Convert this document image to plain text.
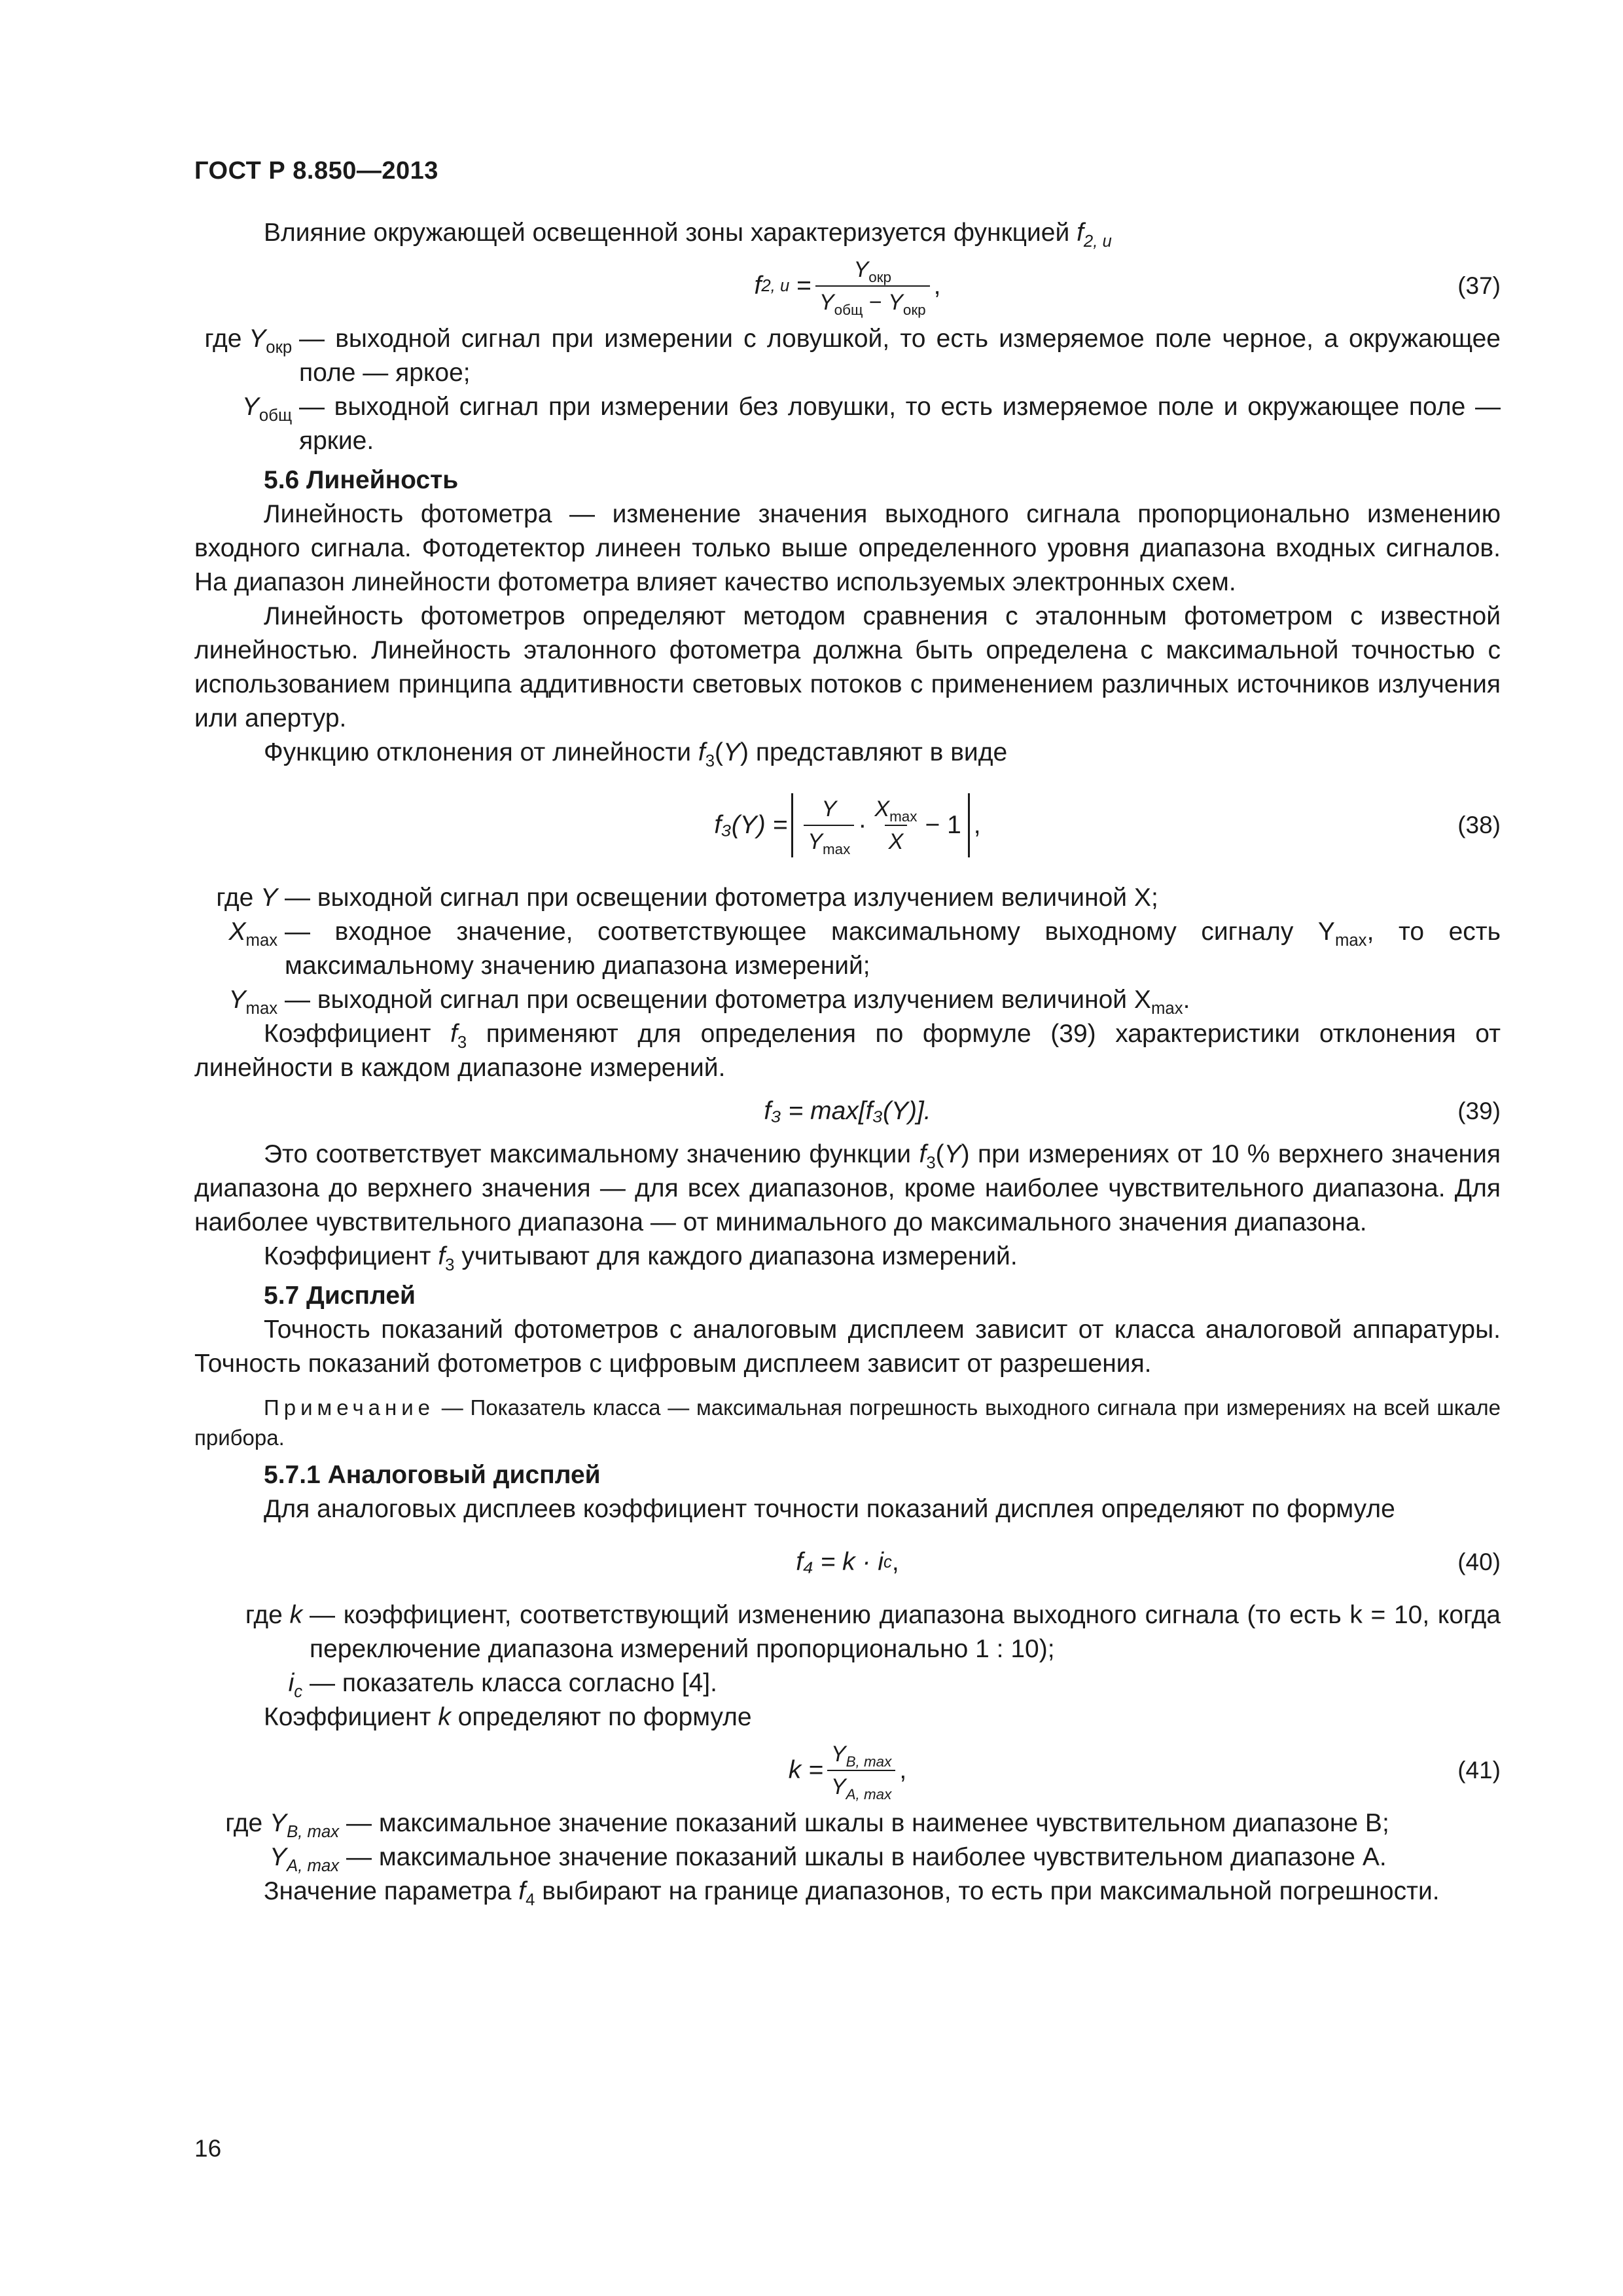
ГОСТ Р 8.850—2013

Влияние окружающей освещенной зоны характеризуется функцией $f_{2, u}$

f 2, $u = \frac{Y_{окр}}{Y_{общ} - Y_{окр}}$ ,	(37)
где $Y_{окр}$ — выходной сигнал при измерении с ловушкой, то есть измеряемое поле черное, а окружающее поле — яркое;
$Y_{общ}$ — выходной сигнал при измерении без ловушки, то есть измеряемое поле и окружающее поле — яркие.

5.6 Линейность

Линейность фотометра — изменение значения выходного сигнала пропорционально изменению входного сигнала. Фотодетектор линеен только выше определенного уровня диапазона входных сигналов. На диапазон линейности фотометра влияет качество используемых электронных схем.

Линейность фотометров определяют методом сравнения с эталонным фотометром с известной линейностью. Линейность эталонного фотометра должна быть определена с максимальной точностью с использованием принципа аддитивности световых потоков с применением различных источников излучения или апертур.

Функцию отклонения от линейности $f_3(Y)$ представляют в виде

$f_3(Y) = \frac{Y}{Y_{max}} \cdot \frac{X_{max}}{X} - 1$ ,	(38)
где Y — выходной сигнал при освещении фотометра излучением величиной X;
$X_{max}$ — входное значение, соответствующее максимальному выходному сигналу $Y_{max}$, то есть максимальному значению диапазона измерений;
$Y_{max}$ — выходной сигнал при освещении фотометра излучением величиной $X_{max}$.

Коэффициент $f_3$ применяют для определения по формуле (39) характеристики отклонения от линейности в каждом диапазоне измерений.

f₃ = max[f₃(Y)].	(39)

Это соответствует максимальному значению функции $f_3(Y)$ при измерениях от 10 % верхнего значения диапазона до верхнего значения — для всех диапазонов, кроме наиболее чувствительного диапазона. Для наиболее чувствительного диапазона — от минимального до максимального значения диапазона.

Коэффициент $f_3$ учитывают для каждого диапазона измерений.

5.7 Дисплей

Точность показаний фотометров с аналоговым дисплеем зависит от класса аналоговой аппаратуры. Точность показаний фотометров с цифровым дисплеем зависит от разрешения.

Примечание — Показатель класса — максимальная погрешность выходного сигнала при измерениях на всей шкале прибора.

5.7.1 Аналоговый дисплей

Для аналоговых дисплеев коэффициент точности показаний дисплея определяют по формуле

f₄ = k · i c ,	(40)
где k — коэффициент, соответствующий изменению диапазона выходного сигнала (то есть k = 10, когда переключение диапазона измерений пропорционально 1 : 10);
$i_c$ — показатель класса согласно [4].

Коэффициент k определяют по формуле

$k = \frac{Y_{B, max}}{Y_{A, max}}$ ,	(41)
где $Y_{B, max}$ — максимальное значение показаний шкалы в наименее чувствительном диапазоне B;
$Y_{A, max}$ — максимальное значение показаний шкалы в наиболее чувствительном диапазоне A.

Значение параметра $f_4$ выбирают на границе диапазонов, то есть при максимальной погрешности.

16
